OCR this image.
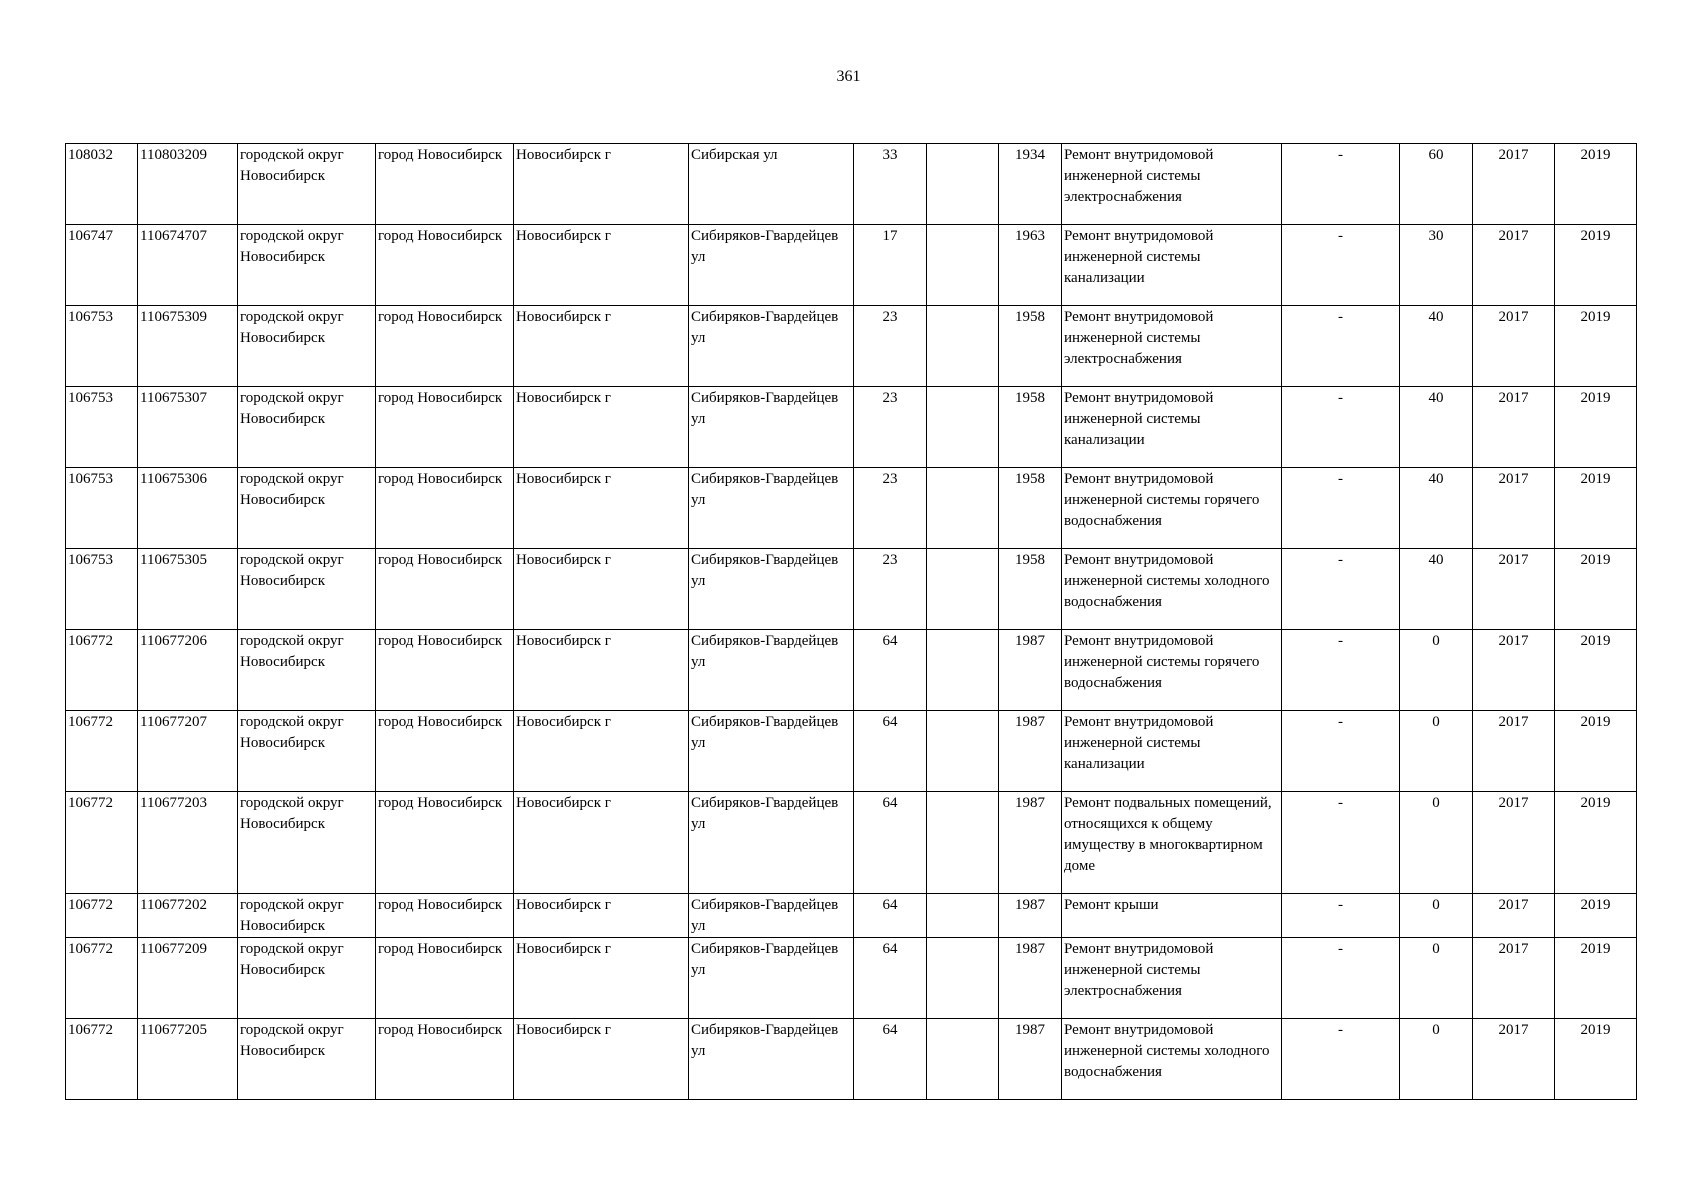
361
108032	110803209	городской округ Новосибирск	город Новосибирск	Новосибирск г	Сибирская ул	33		1934	Ремонт внутридомовой инженерной системы электроснабжения	-	60	2017	2019
106747	110674707	городской округ Новосибирск	город Новосибирск	Новосибирск г	Сибиряков-Гвардейцев ул	17		1963	Ремонт внутридомовой инженерной системы канализации	-	30	2017	2019
106753	110675309	городской округ Новосибирск	город Новосибирск	Новосибирск г	Сибиряков-Гвардейцев ул	23		1958	Ремонт внутридомовой инженерной системы электроснабжения	-	40	2017	2019
106753	110675307	городской округ Новосибирск	город Новосибирск	Новосибирск г	Сибиряков-Гвардейцев ул	23		1958	Ремонт внутридомовой инженерной системы канализации	-	40	2017	2019
106753	110675306	городской округ Новосибирск	город Новосибирск	Новосибирск г	Сибиряков-Гвардейцев ул	23		1958	Ремонт внутридомовой инженерной системы горячего водоснабжения	-	40	2017	2019
106753	110675305	городской округ Новосибирск	город Новосибирск	Новосибирск г	Сибиряков-Гвардейцев ул	23		1958	Ремонт внутридомовой инженерной системы холодного водоснабжения	-	40	2017	2019
106772	110677206	городской округ Новосибирск	город Новосибирск	Новосибирск г	Сибиряков-Гвардейцев ул	64		1987	Ремонт внутридомовой инженерной системы горячего водоснабжения	-	0	2017	2019
106772	110677207	городской округ Новосибирск	город Новосибирск	Новосибирск г	Сибиряков-Гвардейцев ул	64		1987	Ремонт внутридомовой инженерной системы канализации	-	0	2017	2019
106772	110677203	городской округ Новосибирск	город Новосибирск	Новосибирск г	Сибиряков-Гвардейцев ул	64		1987	Ремонт подвальных помещений, относящихся к общему имуществу в многоквартирном доме	-	0	2017	2019
106772	110677202	городской округ Новосибирск	город Новосибирск	Новосибирск г	Сибиряков-Гвардейцев ул	64		1987	Ремонт крыши	-	0	2017	2019
106772	110677209	городской округ Новосибирск	город Новосибирск	Новосибирск г	Сибиряков-Гвардейцев ул	64		1987	Ремонт внутридомовой инженерной системы электроснабжения	-	0	2017	2019
106772	110677205	городской округ Новосибирск	город Новосибирск	Новосибирск г	Сибиряков-Гвардейцев ул	64		1987	Ремонт внутридомовой инженерной системы холодного водоснабжения	-	0	2017	2019
